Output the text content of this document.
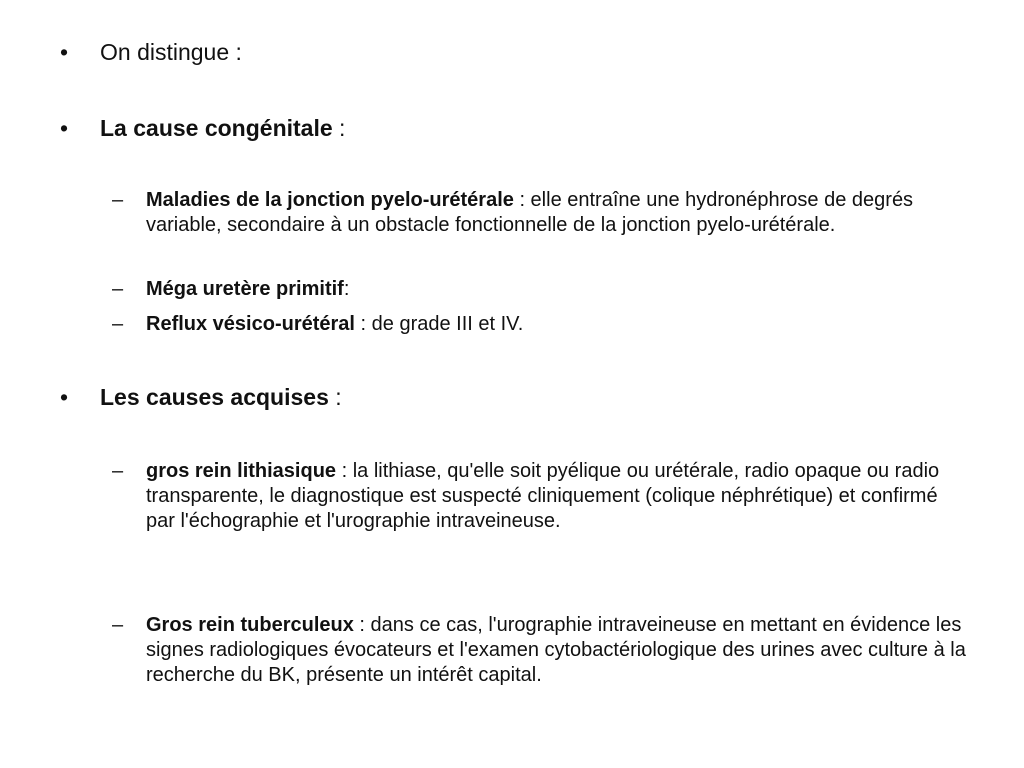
•	On distingue :

•	La cause congénitale :

–	Maladies de la jonction pyelo-urétérale : elle entraîne une hydronéphrose de degrés variable, secondaire à un obstacle fonctionnelle de la jonction pyelo-urétérale.

–	Méga uretère primitif:

–	Reflux vésico-urétéral : de grade III et IV.

•	Les causes acquises :

–	gros rein lithiasique : la lithiase, qu'elle soit pyélique ou urétérale, radio opaque ou radio transparente, le diagnostique est suspecté cliniquement (colique néphrétique) et confirmé par l'échographie et l'urographie intraveineuse.

–	Gros rein tuberculeux : dans ce cas, l'urographie intraveineuse en mettant en évidence les signes radiologiques évocateurs et l'examen cytobactériologique des urines avec culture à la recherche du BK, présente un intérêt capital.
